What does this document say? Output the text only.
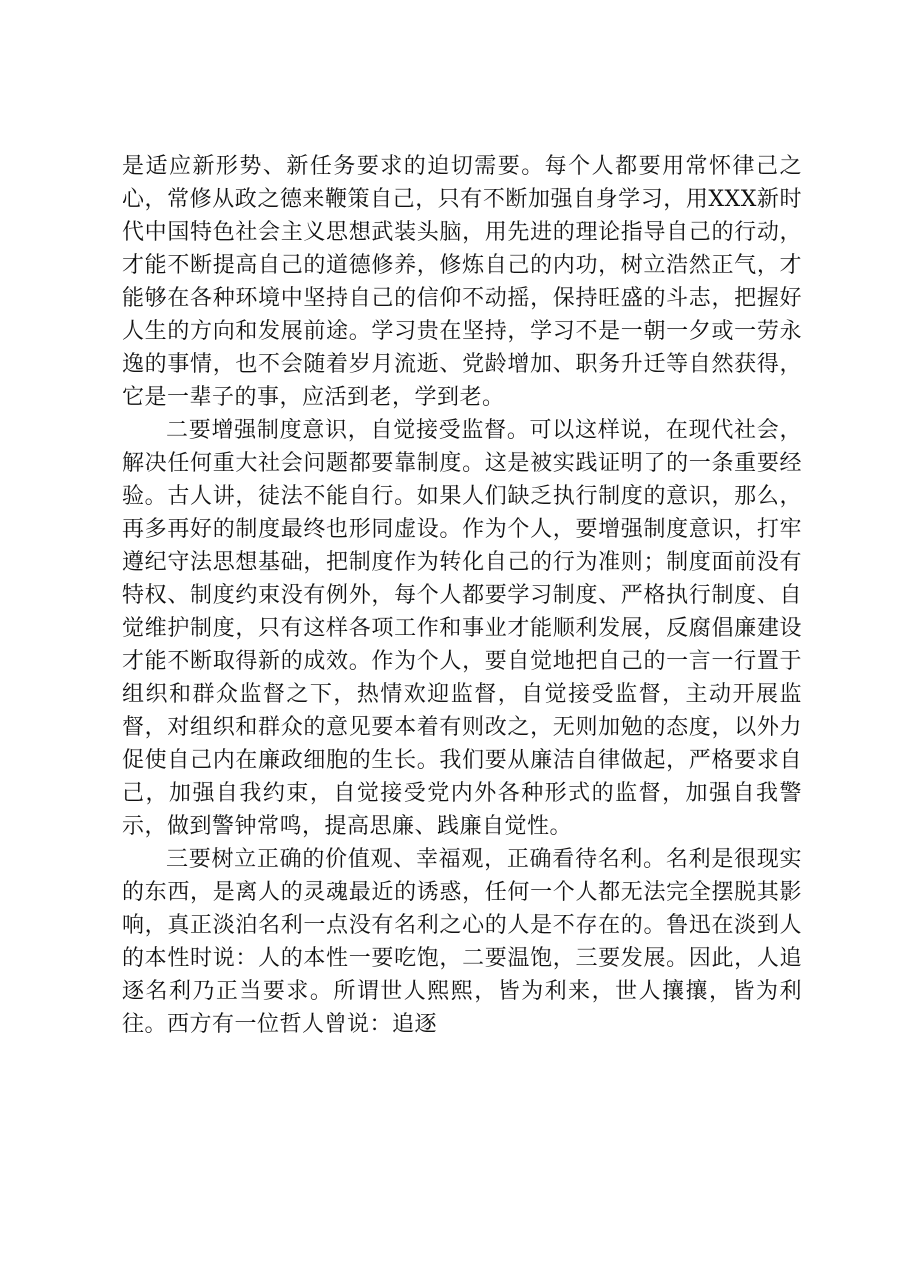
是适应新形势、新任务要求的迫切需要。每个人都要用常怀律己之心，常修从政之德来鞭策自己，只有不断加强自身学习，用XXX新时代中国特色社会主义思想武装头脑，用先进的理论指导自己的行动，才能不断提高自己的道德修养，修炼自己的内功，树立浩然正气，才能够在各种环境中坚持自己的信仰不动摇，保持旺盛的斗志，把握好人生的方向和发展前途。学习贵在坚持，学习不是一朝一夕或一劳永逸的事情，也不会随着岁月流逝、党龄增加、职务升迁等自然获得，它是一辈子的事，应活到老，学到老。

二要增强制度意识，自觉接受监督。可以这样说，在现代社会，解决任何重大社会问题都要靠制度。这是被实践证明了的一条重要经验。古人讲，徒法不能自行。如果人们缺乏执行制度的意识，那么，再多再好的制度最终也形同虚设。作为个人，要增强制度意识，打牢遵纪守法思想基础，把制度作为转化自己的行为准则；制度面前没有特权、制度约束没有例外，每个人都要学习制度、严格执行制度、自觉维护制度，只有这样各项工作和事业才能顺利发展，反腐倡廉建设才能不断取得新的成效。作为个人，要自觉地把自己的一言一行置于组织和群众监督之下，热情欢迎监督，自觉接受监督，主动开展监督，对组织和群众的意见要本着有则改之，无则加勉的态度，以外力促使自己内在廉政细胞的生长。我们要从廉洁自律做起，严格要求自己，加强自我约束，自觉接受党内外各种形式的监督，加强自我警示，做到警钟常鸣，提高思廉、践廉自觉性。

三要树立正确的价值观、幸福观，正确看待名利。名利是很现实的东西，是离人的灵魂最近的诱惑，任何一个人都无法完全摆脱其影响，真正淡泊名利一点没有名利之心的人是不存在的。鲁迅在淡到人的本性时说：人的本性一要吃饱，二要温饱，三要发展。因此，人追逐名利乃正当要求。所谓世人熙熙，皆为利来，世人攘攘，皆为利往。西方有一位哲人曾说：追逐
